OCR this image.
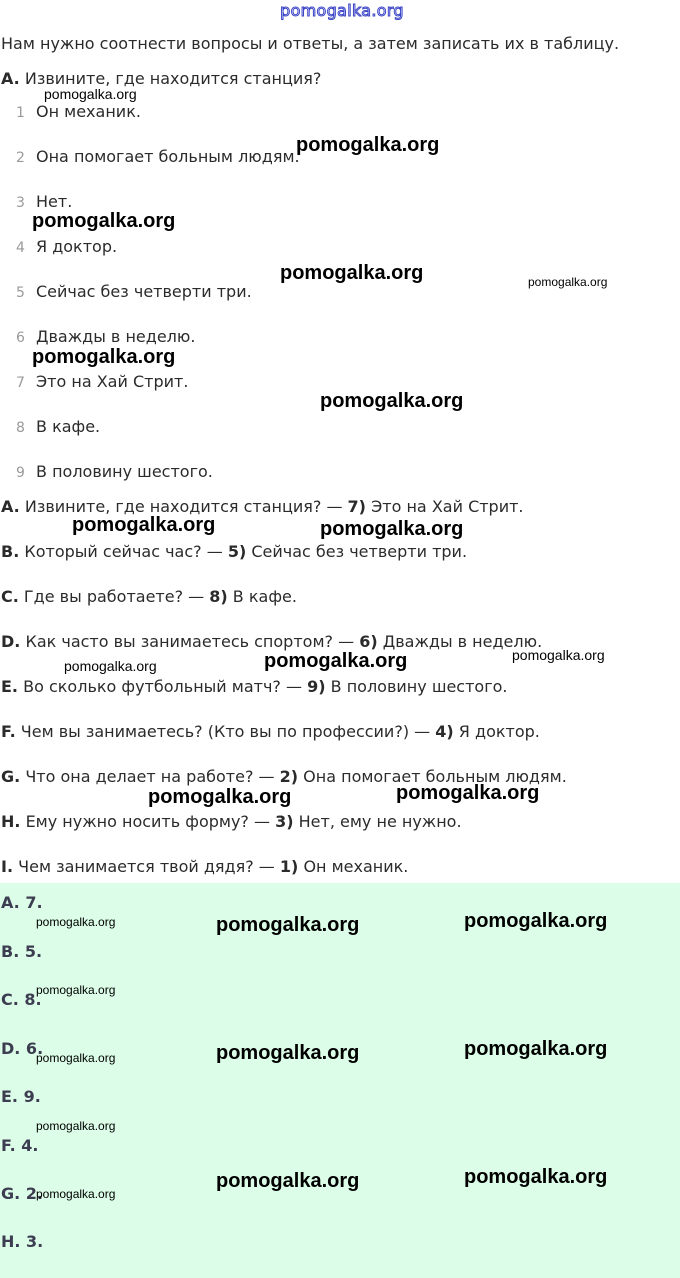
pomogalka.org
Нам нужно соотнести вопросы и ответы, а затем записать их в таблицу.
A. Извините, где находится станция?
1 Он механик.
2 Она помогает больным людям.
3 Нет.
4 Я доктор.
5 Сейчас без четверти три.
6 Дважды в неделю.
7 Это на Хай Стрит.
8 В кафе.
9 В половину шестого.
A. Извините, где находится станция? — 7) Это на Хай Стрит.
B. Который сейчас час? — 5) Сейчас без четверти три.
C. Где вы работаете? — 8) В кафе.
D. Как часто вы занимаетесь спортом? — 6) Дважды в неделю.
E. Во сколько футбольный матч? — 9) В половину шестого.
F. Чем вы занимаетесь? (Кто вы по профессии?) — 4) Я доктор.
G. Что она делает на работе? — 2) Она помогает больным людям.
H. Ему нужно носить форму? — 3) Нет, ему не нужно.
I. Чем занимается твой дядя? — 1) Он механик.
A. 7.
B. 5.
C. 8.
D. 6.
E. 9.
F. 4.
G. 2.
H. 3.
pomogalka.org
pomogalka.org
pomogalka.org
pomogalka.org	pomogalka.org
pomogalka.org
pomogalka.org
pomogalka.org	pomogalka.org
pomogalka.org	pomogalka.org	pomogalka.org
pomogalka.org	pomogalka.org
pomogalka.org	pomogalka.org	pomogalka.org
pomogalka.org
pomogalka.org	pomogalka.org	pomogalka.org
pomogalka.org
pomogalka.org
pomogalka.org	pomogalka.org
